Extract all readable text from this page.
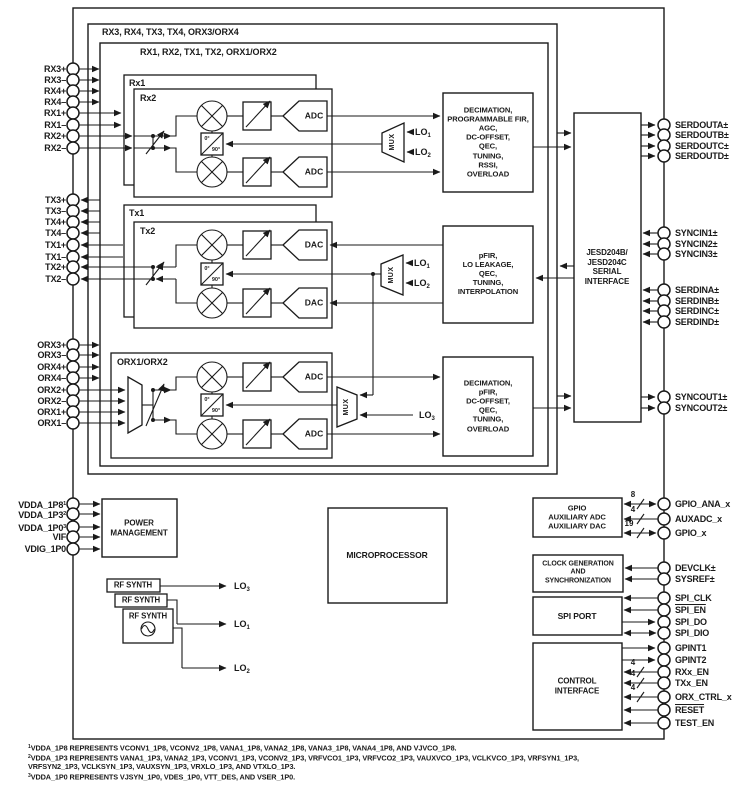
RX3, RX4, TX3, TX4, ORX3/ORX4
RX1, RX2, TX1, TX2, ORX1/ORX2
Rx1
Rx2
Tx1
Tx2
ORX1/ORX2
DECIMATION,
PROGRAMMABLE FIR,
AGC,
DC-OFFSET,
QEC,
TUNING,
RSSI,
OVERLOAD
pFIR,
LO LEAKAGE,
QEC,
TUNING,
INTERPOLATION
DECIMATION,
pFIR,
DC-OFFSET,
QEC,
TUNING,
OVERLOAD
JESD204B/
JESD204C
SERIAL
INTERFACE
POWER
MANAGEMENT
MICROPROCESSOR
GPIO
AUXILIARY ADC
AUXILIARY DAC
CLOCK GENERATION
AND
SYNCHRONIZATION
SPI PORT
CONTROL
INTERFACE
RF SYNTH
RF SYNTH
RF SYNTH
ADC
ADC
DAC
DAC
ADC
ADC
MUX
MUX
MUX
0°
90°
0°
90°
0°
90°
$LO_1$
$LO_2$
$LO_1$
$LO_2$
$LO_3$
$LO_3$
$LO_1$
$LO_2$
RX3+
RX3–
RX4+
RX4–
RX1+
RX1–
RX2+
RX2–
TX3+
TX3–
TX4+
TX4–
TX1+
TX1–
TX2+
TX2–
ORX3+
ORX3–
ORX4+
ORX4–
ORX2+
ORX2–
ORX1+
ORX1–
$VDDA\_1P8^1$
$VDDA\_1P3^2$
$VDDA\_1P0^3$
VIF
VDIG_1P0
SERDOUTA±
SERDOUTB±
SERDOUTC±
SERDOUTD±
SYNCIN1±
SYNCIN2±
SYNCIN3±
SERDINA±
SERDINB±
SERDINC±
SERDIND±
SYNCOUT1±
SYNCOUT2±
GPIO_ANA_x
AUXADC_x
GPIO_x
DEVCLK±
SYSREF±
SPI_CLK
SPI_EN
SPI_DO
SPI_DIO
GPINT1
GPINT2
RXx_EN
TXx_EN
ORX_CTRL_x
RESET
TEST_EN
8
4
19
4
4
4
$^1$VDDA_1P8 REPRESENTS VCONV1_1P8, VCONV2_1P8, VANA1_1P8, VANA2_1P8, VANA3_1P8, VANA4_1P8, AND VJVCO_1P8.
$^2$VDDA_1P3 REPRESENTS VANA1_1P3, VANA2_1P3, VCONV1_1P3, VCONV2_1P3, VRFVCO1_1P3, VRFVCO2_1P3, VAUXVCO_1P3, VCLKVCO_1P3, VRFSYN1_1P3, VRFSYN2_1P3, VCLKSYN_1P3, VAUXSYN_1P3, VRXLO_1P3, AND VTXLO_1P3.
$^3$VDDA_1P0 REPRESENTS VJSYN_1P0, VDES_1P0, VTT_DES, AND VSER_1P0.
